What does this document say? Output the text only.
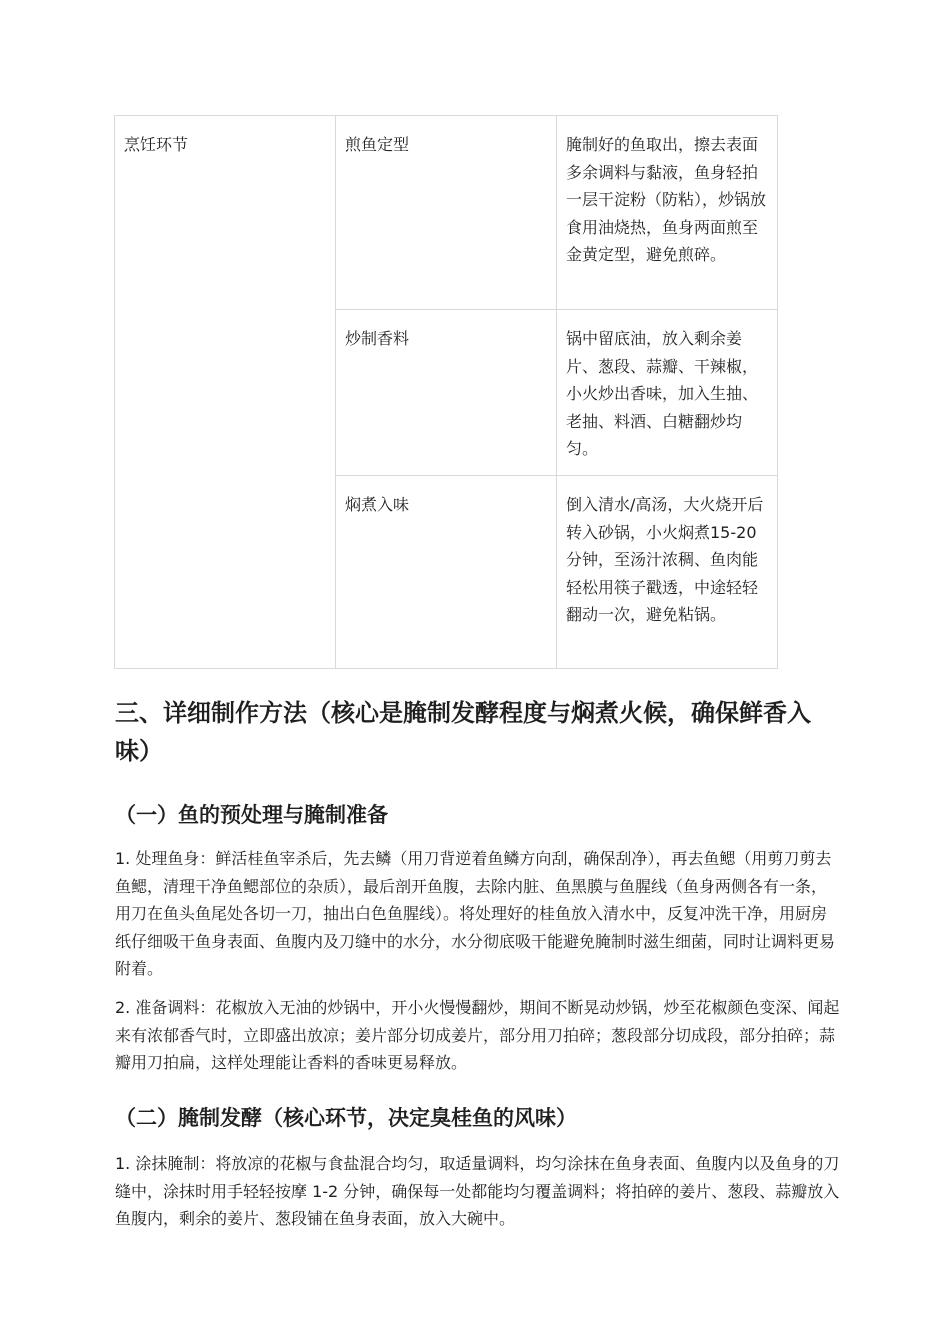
烹饪环节	煎鱼定型	腌制好的鱼取出，擦去表面多余调料与黏液，鱼身轻拍一层干淀粉（防粘），炒锅放食用油烧热，鱼身两面煎至金黄定型，避免煎碎。
	炒制香料	锅中留底油，放入剩余姜片、葱段、蒜瓣、干辣椒，小火炒出香味，加入生抽、老抽、料酒、白糖翻炒均匀。
	焖煮入味	倒入清水/高汤，大火烧开后转入砂锅，小火焖煮15-20 分钟，至汤汁浓稠、鱼肉能轻松用筷子戳透，中途轻轻翻动一次，避免粘锅。
三、详细制作方法（核心是腌制发酵程度与焖煮火候，确保鲜香入味）
（一）鱼的预处理与腌制准备

1. 处理鱼身：鲜活桂鱼宰杀后，先去鳞（用刀背逆着鱼鳞方向刮，确保刮净），再去鱼鳃（用剪刀剪去鱼鳃，清理干净鱼鳃部位的杂质），最后剖开鱼腹，去除内脏、鱼黑膜与鱼腥线（鱼身两侧各有一条，用刀在鱼头鱼尾处各切一刀，抽出白色鱼腥线）。将处理好的桂鱼放入清水中，反复冲洗干净，用厨房纸仔细吸干鱼身表面、鱼腹内及刀缝中的水分，水分彻底吸干能避免腌制时滋生细菌，同时让调料更易附着。

2. 准备调料：花椒放入无油的炒锅中，开小火慢慢翻炒，期间不断晃动炒锅，炒至花椒颜色变深、闻起来有浓郁香气时，立即盛出放凉；姜片部分切成姜片，部分用刀拍碎；葱段部分切成段，部分拍碎；蒜瓣用刀拍扁，这样处理能让香料的香味更易释放。

（二）腌制发酵（核心环节，决定臭桂鱼的风味）

1. 涂抹腌制：将放凉的花椒与食盐混合均匀，取适量调料，均匀涂抹在鱼身表面、鱼腹内以及鱼身的刀缝中，涂抹时用手轻轻按摩 1-2 分钟，确保每一处都能均匀覆盖调料；将拍碎的姜片、葱段、蒜瓣放入鱼腹内，剩余的姜片、葱段铺在鱼身表面，放入大碗中。
